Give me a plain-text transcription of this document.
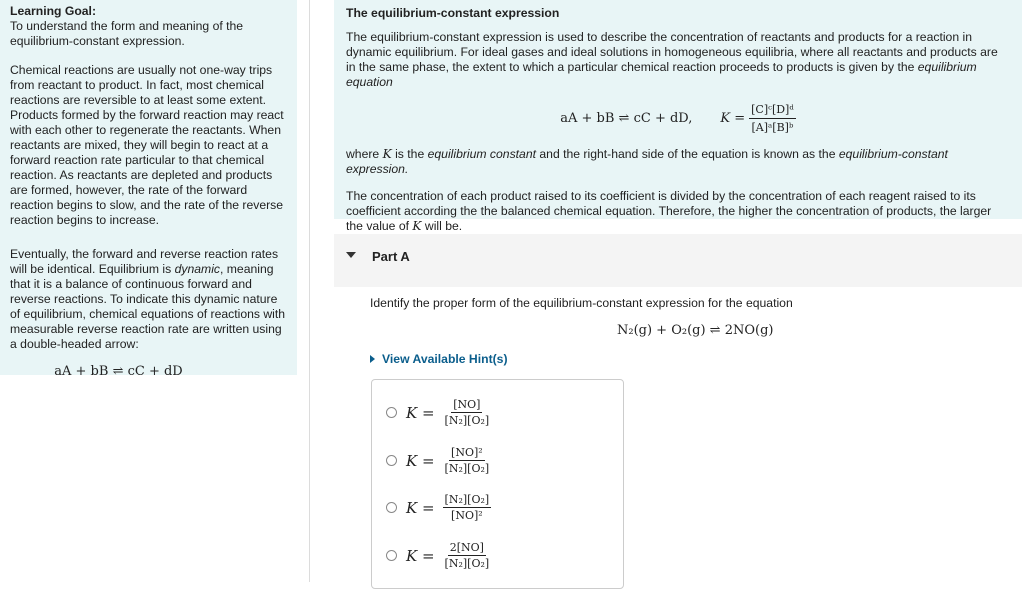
Learning Goal:

To understand the form and meaning of the equilibrium-constant expression.

Chemical reactions are usually not one-way trips from reactant to product. In fact, most chemical reactions are reversible to at least some extent. Products formed by the forward reaction may react with each other to regenerate the reactants. When reactants are mixed, they will begin to react at a forward reaction rate particular to that chemical reaction. As reactants are depleted and products are formed, however, the rate of the forward reaction begins to slow, and the rate of the reverse reaction begins to increase.

Eventually, the forward and reverse reaction rates will be identical. Equilibrium is dynamic, meaning that it is a balance of continuous forward and reverse reactions. To indicate this dynamic nature of equilibrium, chemical equations of reactions with measurable reverse reaction rate are written using a double-headed arrow:

aA + bB ⇌ cC + dD

The equilibrium-constant expression

The equilibrium-constant expression is used to describe the concentration of reactants and products for a reaction in dynamic equilibrium. For ideal gases and ideal solutions in homogeneous equilibria, where all reactants and products are in the same phase, the extent to which a particular chemical reaction proceeds to products is given by the equilibrium equation

aA + bB ⇌ cC + dD, $K = \frac{\text{[C]ᶜ[D]ᵈ}}{\text{[A]ᵃ[B]ᵇ}}$

where K is the equilibrium constant and the right-hand side of the equation is known as the equilibrium-constant expression.

The concentration of each product raised to its coefficient is divided by the concentration of each reagent raised to its coefficient according the the balanced chemical equation. Therefore, the higher the concentration of products, the larger the value of K will be.

Part A
Identify the proper form of the equilibrium-constant expression for the equation
N₂(g) + O₂(g) ⇌ 2NO(g)
View Available Hint(s)
$K = \frac{[NO]}{\text{[N₂][O₂]}}$
$K = \frac{\text{[NO]²}}{\text{[N₂][O₂]}}$
$K = \frac{\text{[N₂][O₂]}}{\text{[NO]²}}$
$K = \frac{2[NO]}{\text{[N₂][O₂]}}$
